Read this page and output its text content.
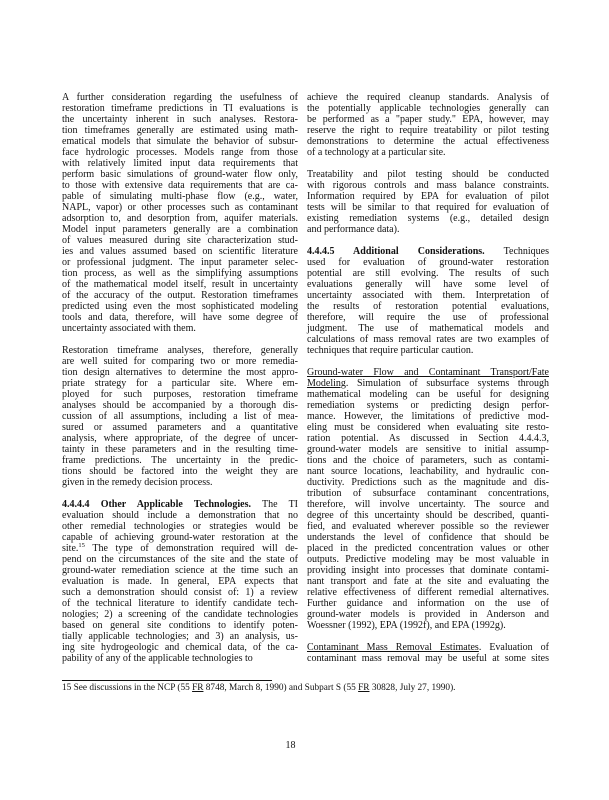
A further consideration regarding the usefulness of
restoration timeframe predictions in TI evaluations is
the uncertainty inherent in such analyses. Restora-
tion timeframes generally are estimated using math-
ematical models that simulate the behavior of subsur-
face hydrologic processes. Models range from those
with relatively limited input data requirements that
perform basic simulations of ground-water flow only,
to those with extensive data requirements that are ca-
pable of simulating multi-phase flow (e.g., water,
NAPL, vapor) or other processes such as contaminant
adsorption to, and desorption from, aquifer materials.
Model input parameters generally are a combination
of values measured during site characterization stud-
ies and values assumed based on scientific literature
or professional judgment. The input parameter selec-
tion process, as well as the simplifying assumptions
of the mathematical model itself, result in uncertainty
of the accuracy of the output. Restoration timeframes
predicted using even the most sophisticated modeling
tools and data, therefore, will have some degree of
uncertainty associated with them.
Restoration timeframe analyses, therefore, generally
are well suited for comparing two or more remedia-
tion design alternatives to determine the most appro-
priate strategy for a particular site. Where em-
ployed for such purposes, restoration timeframe
analyses should be accompanied by a thorough dis-
cussion of all assumptions, including a list of mea-
sured or assumed parameters and a quantitative
analysis, where appropriate, of the degree of uncer-
tainty in these parameters and in the resulting time-
frame predictions. The uncertainty in the predic-
tions should be factored into the weight they are
given in the remedy decision process.
4.4.4.4 Other Applicable Technologies. The TI
evaluation should include a demonstration that no
other remedial technologies or strategies would be
capable of achieving ground-water restoration at the
site.$^{15}$ The type of demonstration required will de-
pend on the circumstances of the site and the state of
ground-water remediation science at the time such an
evaluation is made. In general, EPA expects that
such a demonstration should consist of: 1) a review
of the technical literature to identify candidate tech-
nologies; 2) a screening of the candidate technologies
based on general site conditions to identify poten-
tially applicable technologies; and 3) an analysis, us-
ing site hydrogeologic and chemical data, of the ca-
pability of any of the applicable technologies to
achieve the required cleanup standards. Analysis of
the potentially applicable technologies generally can
be performed as a "paper study." EPA, however, may
reserve the right to require treatability or pilot testing
demonstrations to determine the actual effectiveness
of a technology at a particular site.
Treatability and pilot testing should be conducted
with rigorous controls and mass balance constraints.
Information required by EPA for evaluation of pilot
tests will be similar to that required for evaluation of
existing remediation systems (e.g., detailed design
and performance data).
4.4.4.5 Additional Considerations. Techniques
used for evaluation of ground-water restoration
potential are still evolving. The results of such
evaluations generally will have some level of
uncertainty associated with them. Interpretation of
the results of restoration potential evaluations,
therefore, will require the use of professional
judgment. The use of mathematical models and
calculations of mass removal rates are two examples of
techniques that require particular caution.
Ground-water Flow and Contaminant Transport/Fate
Modeling. Simulation of subsurface systems through
mathematical modeling can be useful for designing
remediation systems or predicting design perfor-
mance. However, the limitations of predictive mod-
eling must be considered when evaluating site resto-
ration potential. As discussed in Section 4.4.4.3,
ground-water models are sensitive to initial assump-
tions and the choice of parameters, such as contami-
nant source locations, leachability, and hydraulic con-
ductivity. Predictions such as the magnitude and dis-
tribution of subsurface contaminant concentrations,
therefore, will involve uncertainty. The source and
degree of this uncertainty should be described, quanti-
fied, and evaluated wherever possible so the reviewer
understands the level of confidence that should be
placed in the predicted concentration values or other
outputs. Predictive modeling may be most valuable in
providing insight into processes that dominate contami-
nant transport and fate at the site and evaluating the
relative effectiveness of different remedial alternatives.
Further guidance and information on the use of
ground-water models is provided in Anderson and
Woessner (1992), EPA (1992f), and EPA (1992g).
Contaminant Mass Removal Estimates. Evaluation of
contaminant mass removal may be useful at some sites
15 See discussions in the NCP (55 FR 8748, March 8, 1990) and Subpart S (55 FR 30828, July 27, 1990).
18
